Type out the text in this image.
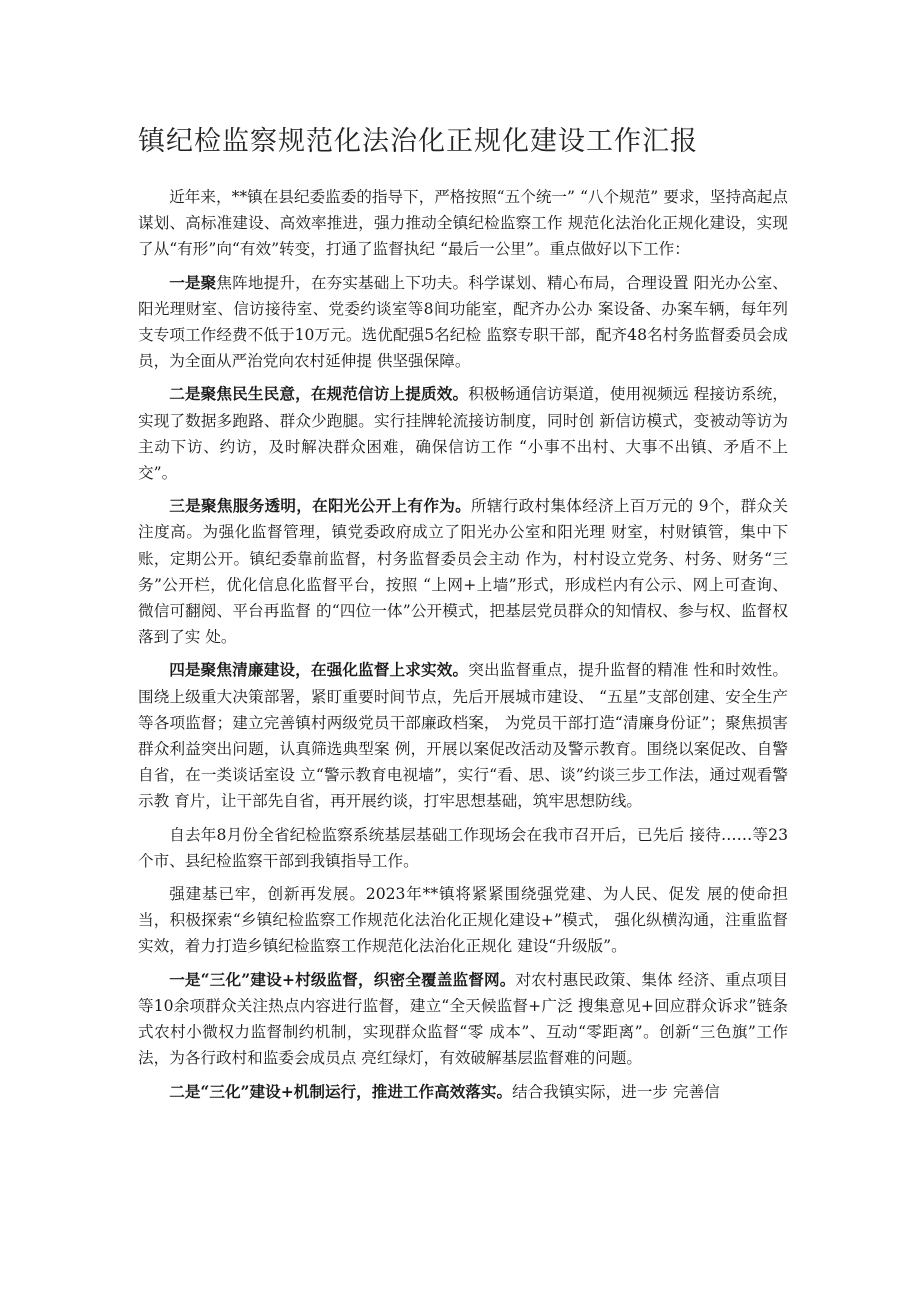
镇纪检监察规范化法治化正规化建设工作汇报

近年来，**镇在县纪委监委的指导下，严格按照“五个统一” “八个规范” 要求，坚持高起点谋划、高标准建设、高效率推进，强力推动全镇纪检监察工作 规范化法治化正规化建设，实现了从“有形”向“有效”转变，打通了监督执纪 “最后一公里”。重点做好以下工作：

一是聚焦阵地提升，在夯实基础上下功夫。科学谋划、精心布局，合理设置 阳光办公室、阳光理财室、信访接待室、党委约谈室等8间功能室，配齐办公办 案设备、办案车辆，每年列支专项工作经费不低于10万元。选优配强5名纪检 监察专职干部，配齐48名村务监督委员会成员，为全面从严治党向农村延伸提 供坚强保障。

二是聚焦民生民意，在规范信访上提质效。积极畅通信访渠道，使用视频远 程接访系统，实现了数据多跑路、群众少跑腿。实行挂牌轮流接访制度，同时创 新信访模式，变被动等访为主动下访、约访，及时解决群众困难，确保信访工作 “小事不出村、大事不出镇、矛盾不上交”。

三是聚焦服务透明，在阳光公开上有作为。所辖行政村集体经济上百万元的 9个，群众关注度高。为强化监督管理，镇党委政府成立了阳光办公室和阳光理 财室，村财镇管，集中下账，定期公开。镇纪委靠前监督，村务监督委员会主动 作为，村村设立党务、村务、财务“三务”公开栏，优化信息化监督平台，按照 “上网+上墙”形式，形成栏内有公示、网上可查询、微信可翻阅、平台再监督 的“四位一体”公开模式，把基层党员群众的知情权、参与权、监督权落到了实 处。

四是聚焦清廉建设，在强化监督上求实效。突出监督重点，提升监督的精准 性和时效性。围绕上级重大决策部署，紧盯重要时间节点，先后开展城市建设、 “五星”支部创建、安全生产等各项监督；建立完善镇村两级党员干部廉政档案， 为党员干部打造“清廉身份证”；聚焦损害群众利益突出问题，认真筛选典型案 例，开展以案促改活动及警示教育。围绕以案促改、自警自省，在一类谈话室设 立“警示教育电视墙”，实行“看、思、谈”约谈三步工作法，通过观看警示教 育片，让干部先自省，再开展约谈，打牢思想基础，筑牢思想防线。

自去年8月份全省纪检监察系统基层基础工作现场会在我市召开后，已先后 接待……等23个市、县纪检监察干部到我镇指导工作。

强建基已牢，创新再发展。2023年**镇将紧紧围绕强党建、为人民、促发 展的使命担当，积极探索“乡镇纪检监察工作规范化法治化正规化建设+”模式， 强化纵横沟通，注重监督实效，着力打造乡镇纪检监察工作规范化法治化正规化 建设“升级版”。

一是“三化”建设+村级监督，织密全覆盖监督网。对农村惠民政策、集体 经济、重点项目等10余项群众关注热点内容进行监督，建立“全天候监督+广泛 搜集意见+回应群众诉求”链条式农村小微权力监督制约机制，实现群众监督“零 成本”、互动“零距离”。创新“三色旗”工作法，为各行政村和监委会成员点 亮红绿灯，有效破解基层监督难的问题。

二是“三化”建设+机制运行，推进工作高效落实。结合我镇实际，进一步 完善信
